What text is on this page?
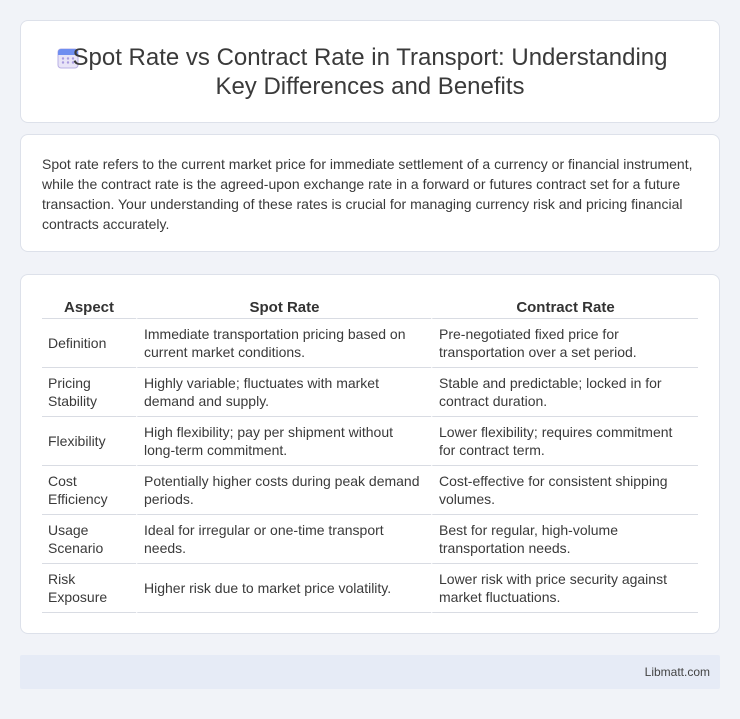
Spot Rate vs Contract Rate in Transport: Understanding
Key Differences and Benefits

Spot rate refers to the current market price for immediate settlement of a currency or financial instrument, while the contract rate is the agreed-upon exchange rate in a forward or futures contract set for a future transaction. Your understanding of these rates is crucial for managing currency risk and pricing financial contracts accurately.

Aspect	Spot Rate	Contract Rate
Definition	Immediate transportation pricing based on current market conditions.	Pre-negotiated fixed price for transportation over a set period.
Pricing Stability	Highly variable; fluctuates with market demand and supply.	Stable and predictable; locked in for contract duration.
Flexibility	High flexibility; pay per shipment without long-term commitment.	Lower flexibility; requires commitment for contract term.
Cost Efficiency	Potentially higher costs during peak demand periods.	Cost-effective for consistent shipping volumes.
Usage Scenario	Ideal for irregular or one-time transport needs.	Best for regular, high-volume transportation needs.
Risk Exposure	Higher risk due to market price volatility.	Lower risk with price security against market fluctuations.
Libmatt.com
